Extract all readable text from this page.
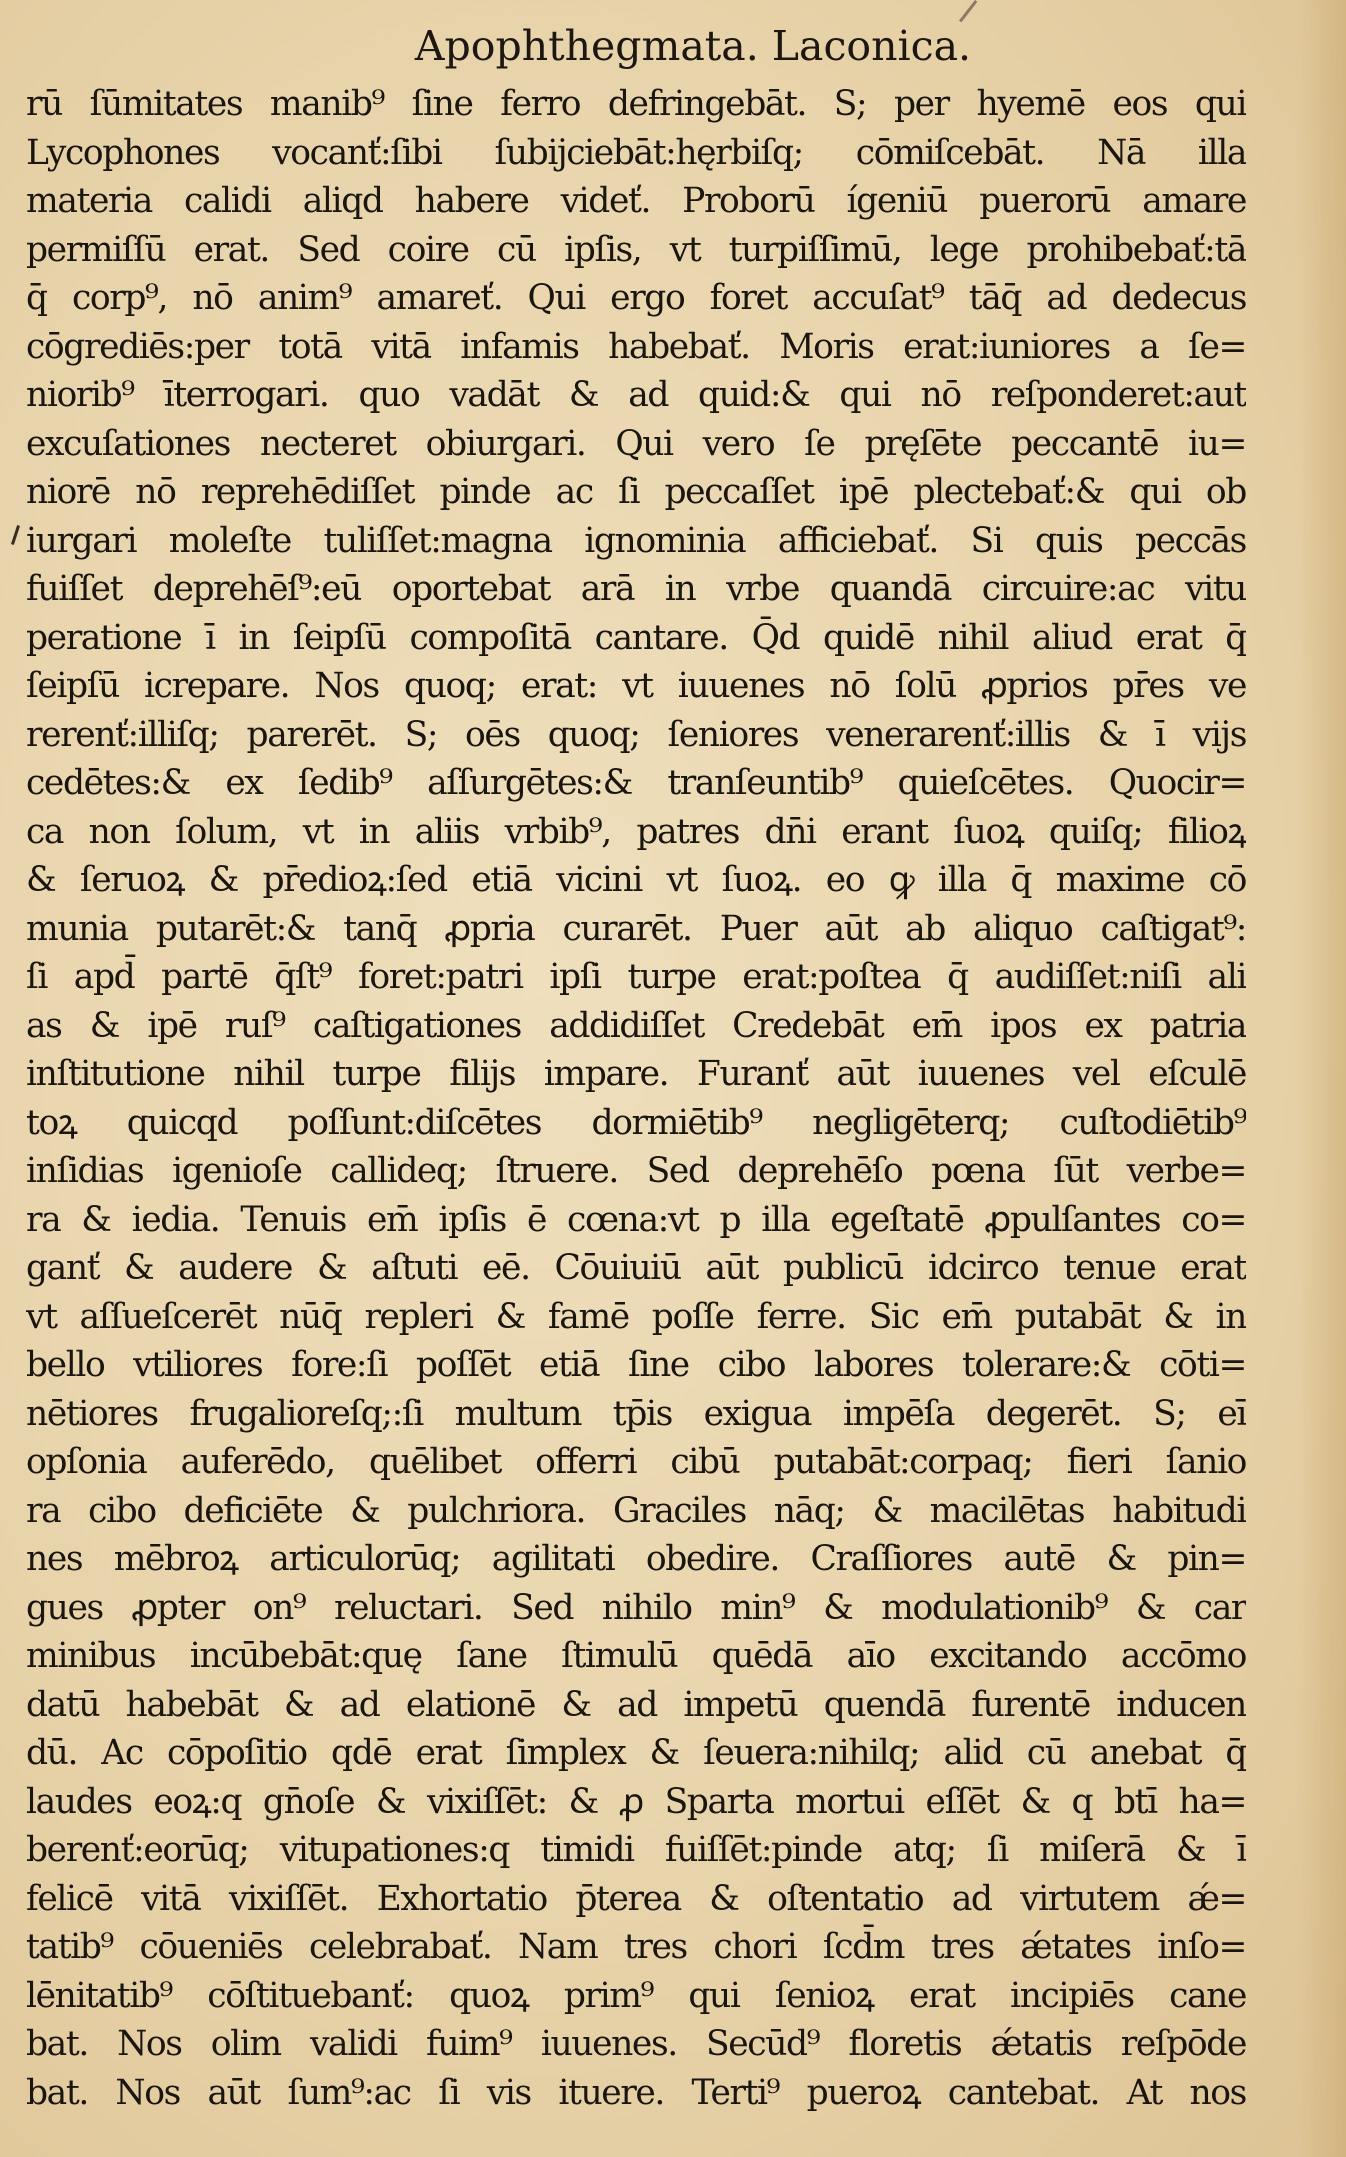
Apophthegmata. Laconica.
rū ſūmitates manib⁹ ſine ferro defringebāt. S; per hyemē eos qui
Lycophones vocanť:ſibi ſubijciebāt:hęrbiſq; cōmiſcebāt. Nā illa
materia calidi aliqd habere videť. Proborū ígeniū puerorū amare
permiſſū erat. Sed coire cū ipſis, vt turpiſſimū, lege prohibebať:tā
q̄ corp⁹, nō anim⁹ amareť. Qui ergo foret accuſat⁹ tāq̄ ad dedecus
cōgrediēs:per totā vitā infamis habebať. Moris erat:iuniores a ſe=
niorib⁹ īterrogari. quo vadāt & ad quid:& qui nō reſponderet:aut
excuſationes necteret obiurgari. Qui vero ſe pręſēte peccantē iu=
niorē nō reprehēdiſſet pinde ac ſi peccaſſet ipē plectebať:& qui ob
iurgari moleſte tuliſſet:magna ignominia afficiebať. Si quis peccās
fuiſſet deprehēſ⁹:eū oportebat arā in vrbe quandā circuire:ac vitu
peratione ī in ſeipſū compoſitā cantare. Q̄d quidē nihil aliud erat q̄
ſeipſū icrepare. Nos quoq; erat: vt iuuenes nō ſolū ꝓprios pr̄es ve
rerenť:illiſq; parerēt. S; oēs quoq; ſeniores venerarenť:illis & ī vijs
cedētes:& ex ſedib⁹ aſſurgētes:& tranſeuntib⁹ quieſcētes. Quocir=
ca non ſolum, vt in aliis vrbib⁹, patres dn̄i erant ſuoꝝ quiſq; filioꝝ
& ſeruoꝝ & pr̄edioꝝ:ſed etiā vicini vt ſuoꝝ. eo ꝙ illa q̄ maxime cō
munia putarēt:& tanq̄ ꝓpria curarēt. Puer aūt ab aliquo caſtigat⁹:
ſi apd̄ partē q̄ſt⁹ foret:patri ipſi turpe erat:poſtea q̄ audiſſet:niſi ali
as & ipē ruſ⁹ caſtigationes addidiſſet Credebāt em̄ ipos ex patria
inſtitutione nihil turpe filijs impare. Furanť aūt iuuenes vel eſculē
toꝝ quicqd poſſunt:diſcētes dormiētib⁹ negligēterq; cuſtodiētib⁹
inſidias igenioſe callideq; ſtruere. Sed deprehēſo pœna ſūt verbe=
ra & iedia. Tenuis em̄ ipſis ē cœna:vt p illa egeſtatē ꝓpulſantes co=
ganť & audere & aſtuti eē. Cōuiuiū aūt publicū idcirco tenue erat
vt aſſueſcerēt nūq̄ repleri & famē poſſe ferre. Sic em̄ putabāt & in
bello vtiliores fore:ſi poſſēt etiā ſine cibo labores tolerare:& cōti=
nētiores frugalioreſq;:ſi multum tp̄is exigua impēſa degerēt. S; eī
opſonia auferēdo, quēlibet offerri cibū putabāt:corpaq; fieri ſanio
ra cibo deficiēte & pulchriora. Graciles nāq; & macilētas habitudi
nes mēbroꝝ articulorūq; agilitati obedire. Craſſiores autē & pin=
gues ꝓpter on⁹ reluctari. Sed nihilo min⁹ & modulationib⁹ & car
minibus incūbebāt:quę ſane ſtimulū quēdā aīo excitando accōmo
datū habebāt & ad elationē & ad impetū quendā furentē inducen
dū. Ac cōpoſitio qdē erat ſimplex & ſeuera:nihilq; alid cū anebat q̄
laudes eoꝝ:q gn̄oſe & vixiſſēt: & ꝓ Sparta mortui eſſēt & q btī ha=
berenť:eorūq; vitupationes:q timidi fuiſſēt:pinde atq; ſi miſerā & ī
felicē vitā vixiſſēt. Exhortatio p̄terea & oſtentatio ad virtutem ǽ=
tatib⁹ cōueniēs celebrabať. Nam tres chori ſcd̄m tres ǽtates inſo=
lēnitatib⁹ cōſtituebanť: quoꝝ prim⁹ qui ſenioꝝ erat incipiēs cane
bat. Nos olim validi fuim⁹ iuuenes. Secūd⁹ floretis ǽtatis reſpōde
bat. Nos aūt ſum⁹:ac ſi vis ituere. Terti⁹ pueroꝝ cantebat. At nos
